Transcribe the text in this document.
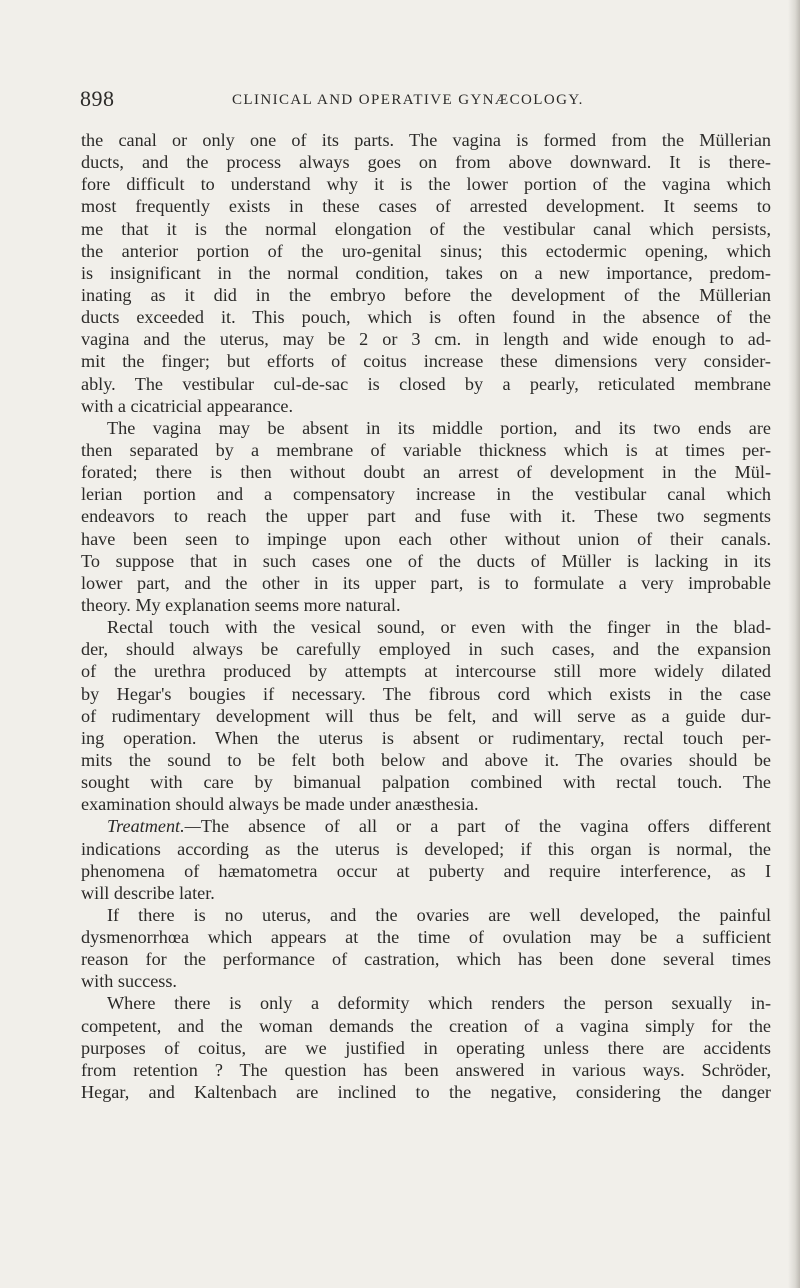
898	CLINICAL AND OPERATIVE GYNÆCOLOGY.
the canal or only one of its parts. The vagina is formed from the Müllerian
ducts, and the process always goes on from above downward. It is there-
fore difficult to understand why it is the lower portion of the vagina which
most frequently exists in these cases of arrested development. It seems to
me that it is the normal elongation of the vestibular canal which persists,
the anterior portion of the uro-genital sinus; this ectodermic opening, which
is insignificant in the normal condition, takes on a new importance, predom-
inating as it did in the embryo before the development of the Müllerian
ducts exceeded it. This pouch, which is often found in the absence of the
vagina and the uterus, may be 2 or 3 cm. in length and wide enough to ad-
mit the finger; but efforts of coitus increase these dimensions very consider-
ably. The vestibular cul-de-sac is closed by a pearly, reticulated membrane
with a cicatricial appearance.
The vagina may be absent in its middle portion, and its two ends are
then separated by a membrane of variable thickness which is at times per-
forated; there is then without doubt an arrest of development in the Mül-
lerian portion and a compensatory increase in the vestibular canal which
endeavors to reach the upper part and fuse with it. These two segments
have been seen to impinge upon each other without union of their canals.
To suppose that in such cases one of the ducts of Müller is lacking in its
lower part, and the other in its upper part, is to formulate a very improbable
theory. My explanation seems more natural.
Rectal touch with the vesical sound, or even with the finger in the blad-
der, should always be carefully employed in such cases, and the expansion
of the urethra produced by attempts at intercourse still more widely dilated
by Hegar's bougies if necessary. The fibrous cord which exists in the case
of rudimentary development will thus be felt, and will serve as a guide dur-
ing operation. When the uterus is absent or rudimentary, rectal touch per-
mits the sound to be felt both below and above it. The ovaries should be
sought with care by bimanual palpation combined with rectal touch. The
examination should always be made under anæsthesia.
Treatment.—The absence of all or a part of the vagina offers different
indications according as the uterus is developed; if this organ is normal, the
phenomena of hæmatometra occur at puberty and require interference, as I
will describe later.
If there is no uterus, and the ovaries are well developed, the painful
dysmenorrhœa which appears at the time of ovulation may be a sufficient
reason for the performance of castration, which has been done several times
with success.
Where there is only a deformity which renders the person sexually in-
competent, and the woman demands the creation of a vagina simply for the
purposes of coitus, are we justified in operating unless there are accidents
from retention ? The question has been answered in various ways. Schröder,
Hegar, and Kaltenbach are inclined to the negative, considering the danger
